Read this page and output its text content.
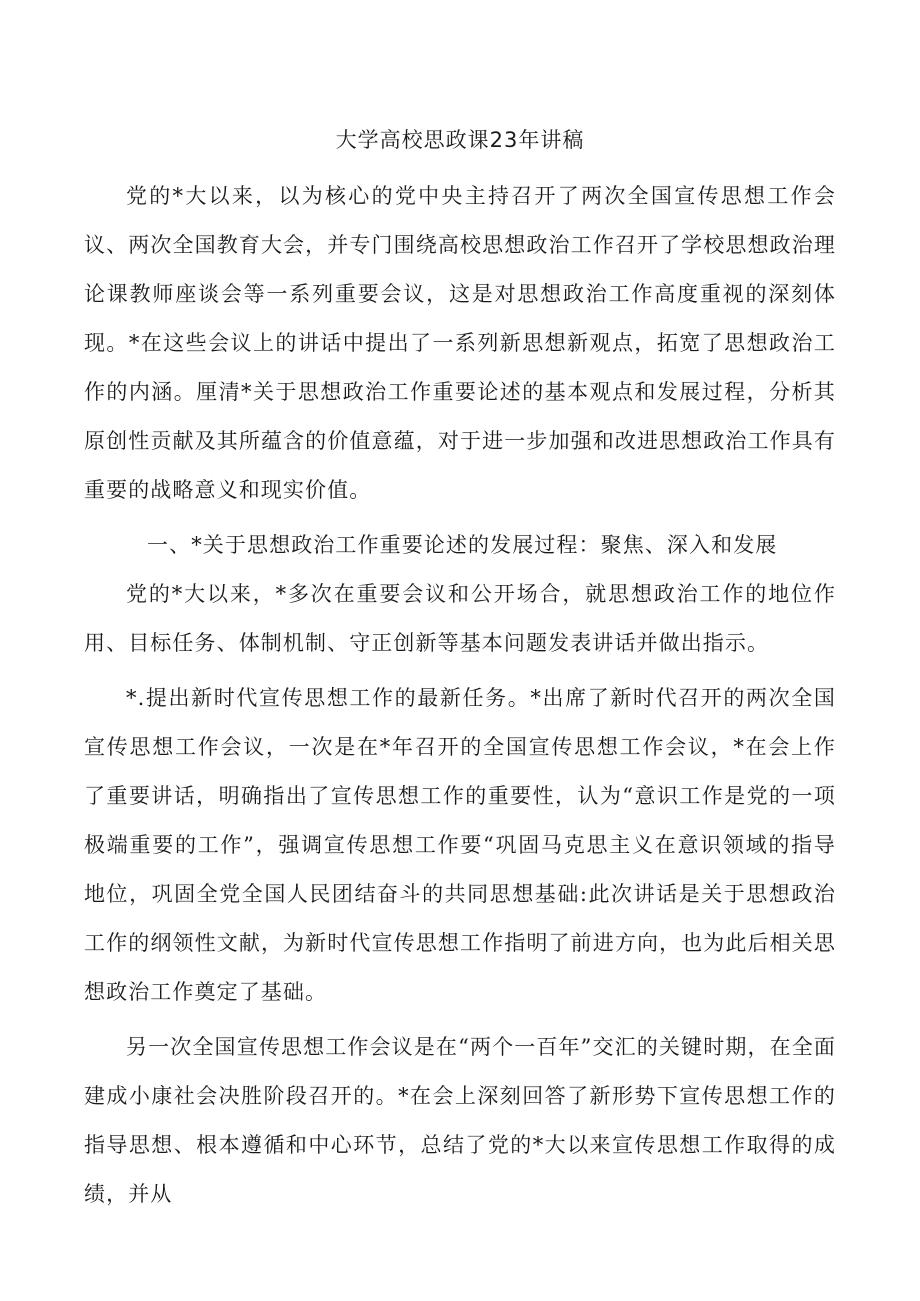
大学高校思政课23年讲稿

党的*大以来，以为核心的党中央主持召开了两次全国宣传思想工作会议、两次全国教育大会，并专门围绕高校思想政治工作召开了学校思想政治理论课教师座谈会等一系列重要会议，这是对思想政治工作高度重视的深刻体现。*在这些会议上的讲话中提出了一系列新思想新观点，拓宽了思想政治工作的内涵。厘清*关于思想政治工作重要论述的基本观点和发展过程，分析其原创性贡献及其所蕴含的价值意蕴，对于进一步加强和改进思想政治工作具有重要的战略意义和现实价值。

一、*关于思想政治工作重要论述的发展过程：聚焦、深入和发展

党的*大以来，*多次在重要会议和公开场合，就思想政治工作的地位作用、目标任务、体制机制、守正创新等基本问题发表讲话并做出指示。

*.提出新时代宣传思想工作的最新任务。*出席了新时代召开的两次全国宣传思想工作会议，一次是在*年召开的全国宣传思想工作会议，*在会上作了重要讲话，明确指出了宣传思想工作的重要性，认为“意识工作是党的一项极端重要的工作”，强调宣传思想工作要“巩固马克思主义在意识领域的指导地位，巩固全党全国人民团结奋斗的共同思想基础:此次讲话是关于思想政治工作的纲领性文献，为新时代宣传思想工作指明了前进方向，也为此后相关思想政治工作奠定了基础。

另一次全国宣传思想工作会议是在“两个一百年”交汇的关键时期，在全面建成小康社会决胜阶段召开的。*在会上深刻回答了新形势下宣传思想工作的指导思想、根本遵循和中心环节，总结了党的*大以来宣传思想工作取得的成绩，并从
